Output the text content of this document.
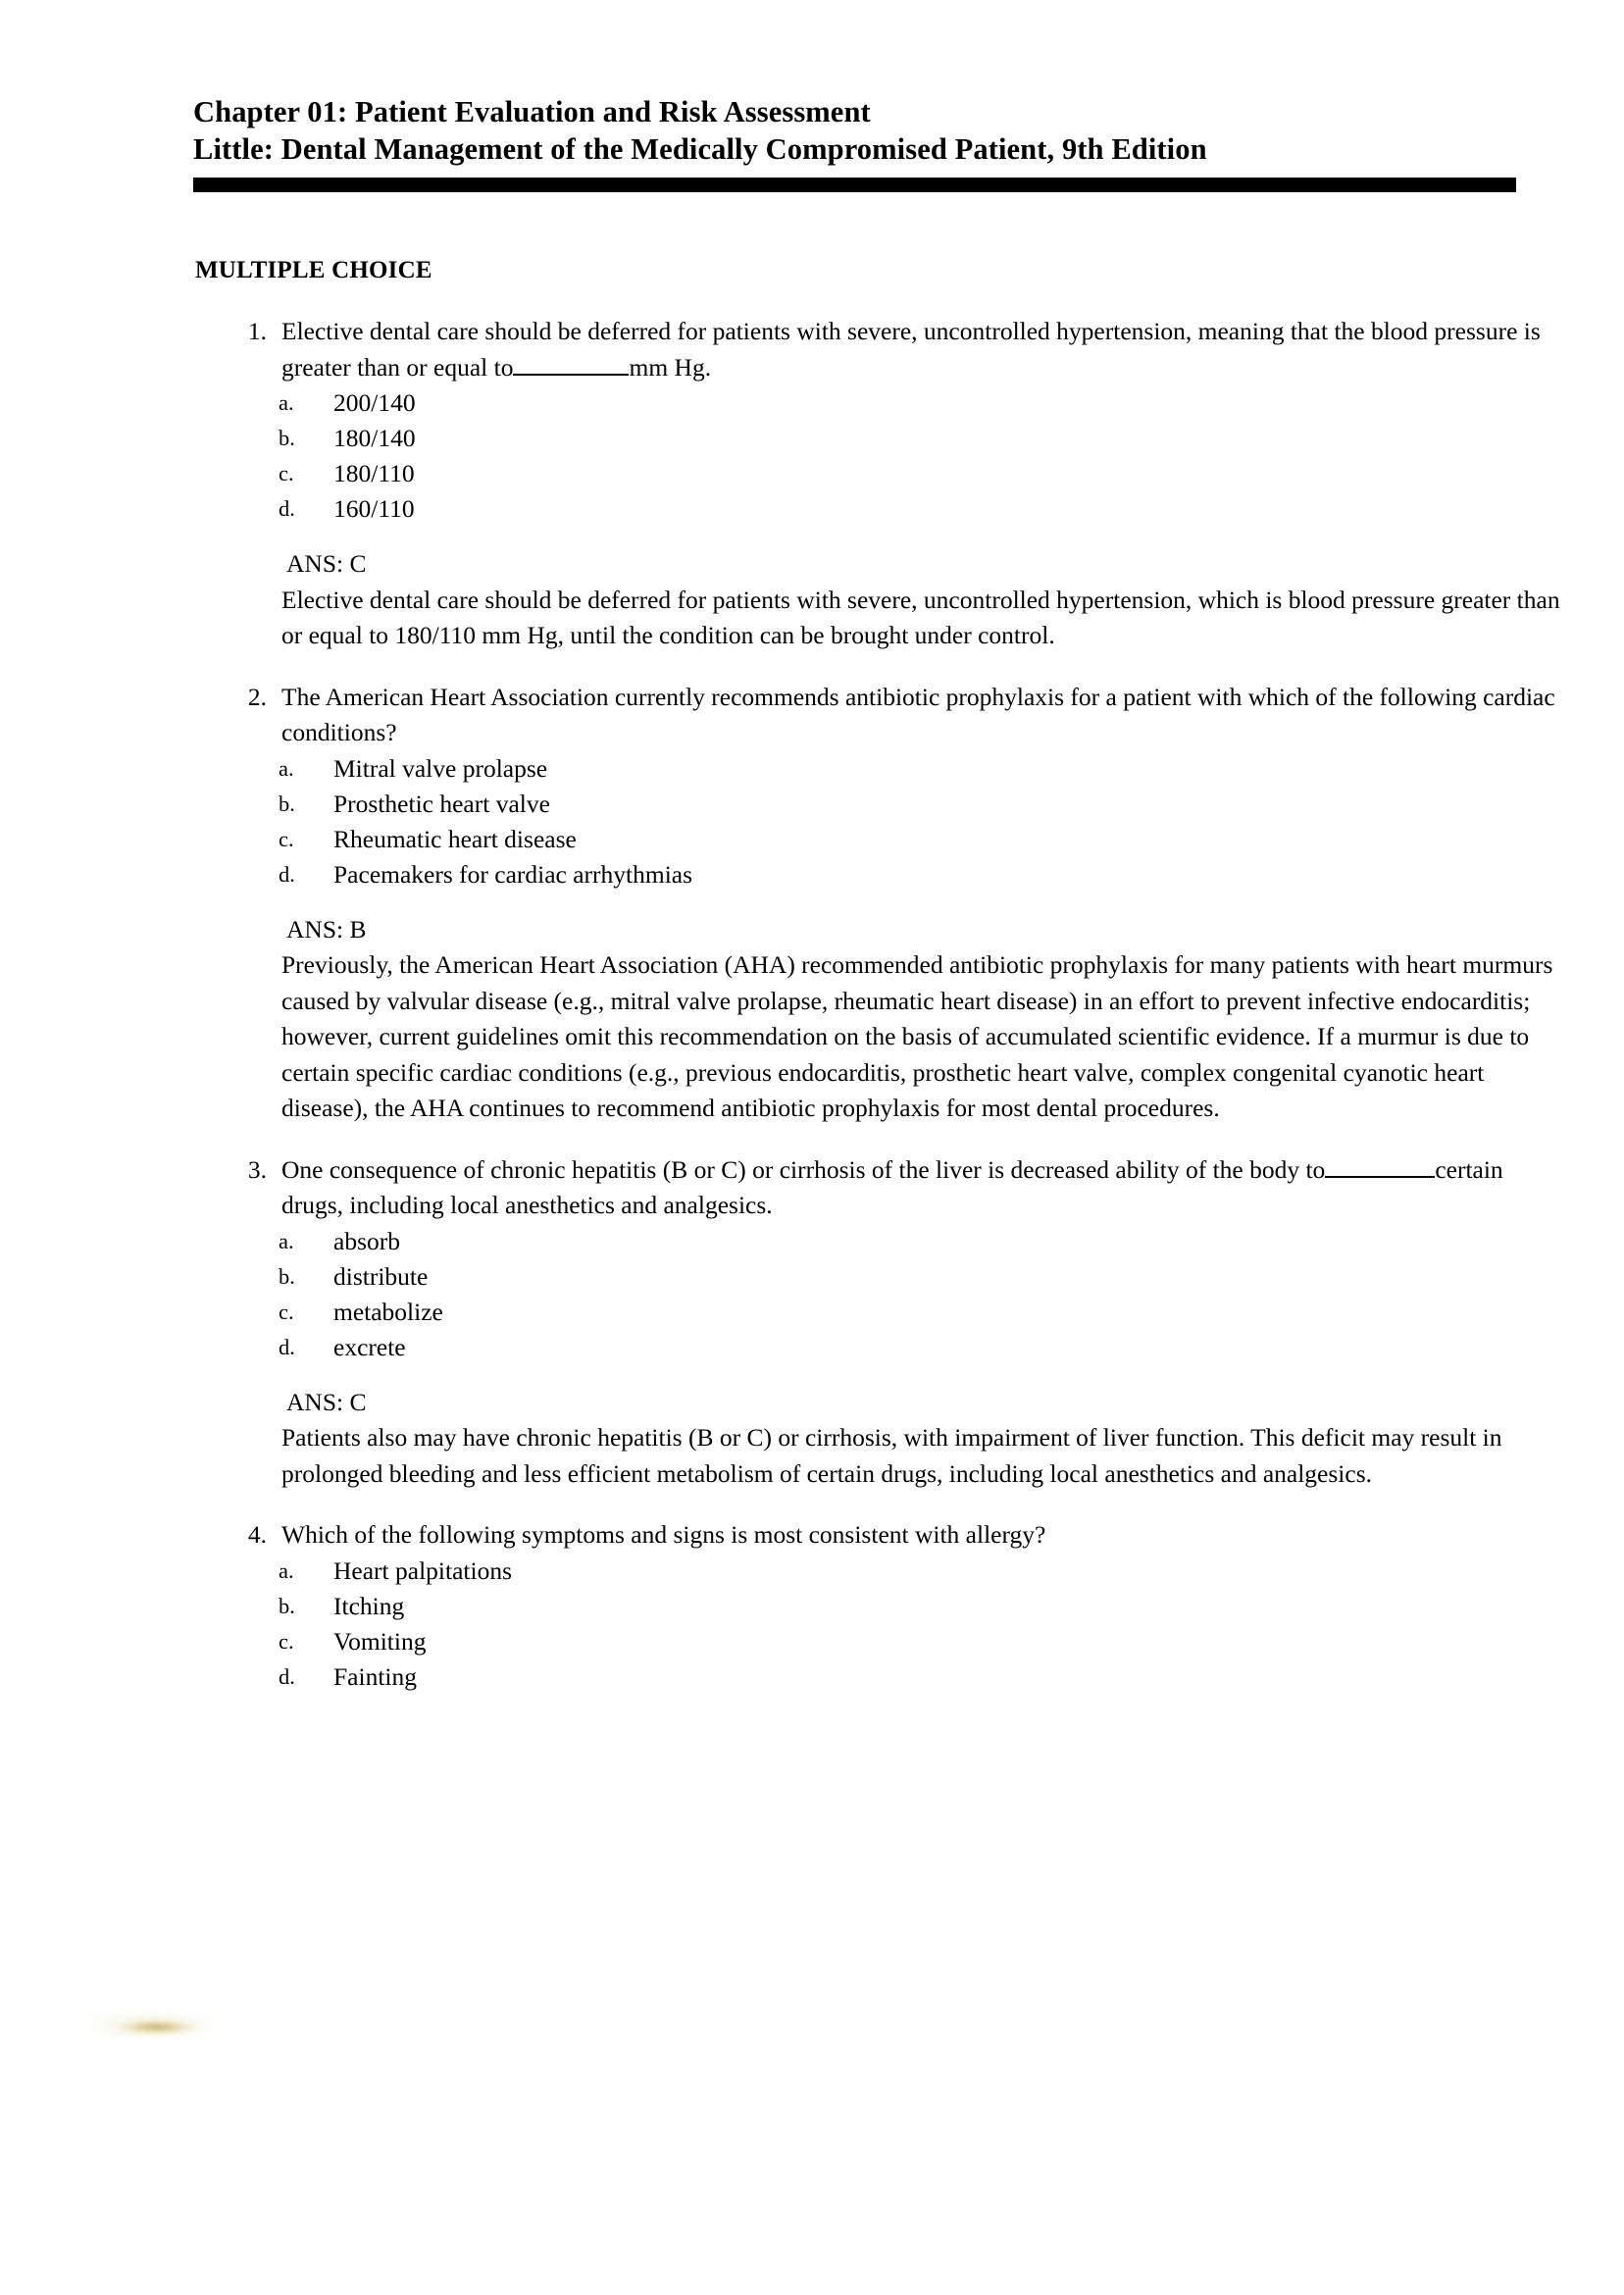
Chapter 01: Patient Evaluation and Risk Assessment
Little: Dental Management of the Medically Compromised Patient, 9th Edition
MULTIPLE CHOICE
1. Elective dental care should be deferred for patients with severe, uncontrolled hypertension, meaning that the blood pressure is greater than or equal to	mm Hg.
a. 200/140
b. 180/140
c. 180/110
d. 160/110
ANS: C
Elective dental care should be deferred for patients with severe, uncontrolled hypertension, which is blood pressure greater than or equal to 180/110 mm Hg, until the condition can be brought under control.
2. The American Heart Association currently recommends antibiotic prophylaxis for a patient with which of the following cardiac conditions?
a. Mitral valve prolapse
b. Prosthetic heart valve
c. Rheumatic heart disease
d. Pacemakers for cardiac arrhythmias
ANS: B
Previously, the American Heart Association (AHA) recommended antibiotic prophylaxis for many patients with heart murmurs caused by valvular disease (e.g., mitral valve prolapse, rheumatic heart disease) in an effort to prevent infective endocarditis; however, current guidelines omit this recommendation on the basis of accumulated scientific evidence. If a murmur is due to certain specific cardiac conditions (e.g., previous endocarditis, prosthetic heart valve, complex congenital cyanotic heart disease), the AHA continues to recommend antibiotic prophylaxis for most dental procedures.
3. One consequence of chronic hepatitis (B or C) or cirrhosis of the liver is decreased ability of the body to	certain drugs, including local anesthetics and analgesics.
a. absorb
b. distribute
c. metabolize
d. excrete
ANS: C
Patients also may have chronic hepatitis (B or C) or cirrhosis, with impairment of liver function. This deficit may result in prolonged bleeding and less efficient metabolism of certain drugs, including local anesthetics and analgesics.
4. Which of the following symptoms and signs is most consistent with allergy?
a. Heart palpitations
b. Itching
c. Vomiting
d. Fainting
